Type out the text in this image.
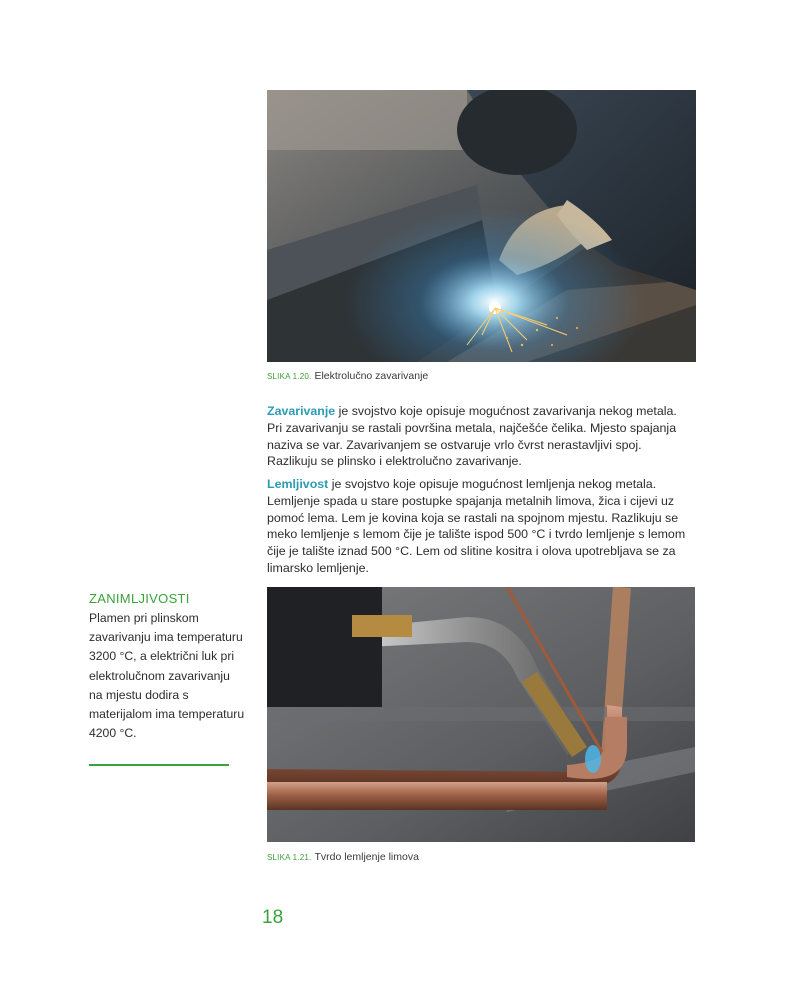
SLIKA 1.20. Elektrolučno zavarivanje

Zavarivanje je svojstvo koje opisuje mogućnost zavarivanja nekog metala. Pri zavarivanju se rastali površina metala, najčešće čelika. Mjesto spajanja naziva se var. Zavarivanjem se ostvaruje vrlo čvrst nerastavljivi spoj. Razlikuju se plinsko i elektrolučno zavarivanje.

Lemljivost je svojstvo koje opisuje mogućnost lemljenja nekog metala. Lemljenje spada u stare postupke spajanja metalnih limova, žica i cijevi uz pomoć lema. Lem je kovina koja se rastali na spojnom mjestu. Razlikuju se meko lemljenje s lemom čije je talište ispod 500 °C i tvrdo lemljenje s lemom čije je talište iznad 500 °C. Lem od slitine kositra i olova upotrebljava se za limarsko lemljenje.

ZANIMLJIVOSTI
Plamen pri plinskom zavarivanju ima temperaturu 3200 °C, a električni luk pri elektrolučnom zavarivanju na mjestu dodira s materijalom ima temperaturu 4200 °C.
SLIKA 1.21. Tvrdo lemljenje limova
18
